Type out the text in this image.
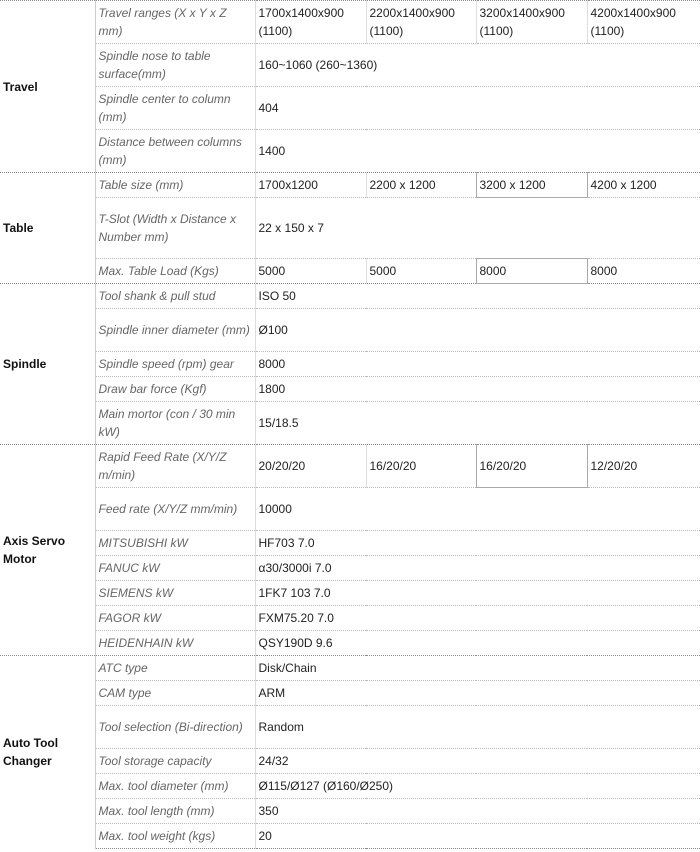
Travel	Travel ranges (X x Y x Z mm)	1700x1400x900 (1100)	2200x1400x900 (1100)	3200x1400x900 (1100)	4200x1400x900 (1100)
	Spindle nose to table surface(mm)	160~1060 (260~1360)			
	Spindle center to column (mm)	404			
	Distance between columns (mm)	1400			
Table	Table size (mm)	1700x1200	2200 x 1200	3200 x 1200	4200 x 1200
	T-Slot (Width x Distance x Number mm)	22 x 150 x 7			
	Max. Table Load (Kgs)	5000	5000	8000	8000
Spindle	Tool shank & pull stud	ISO 50			
	Spindle inner diameter (mm)	Ø100			
	Spindle speed (rpm) gear	8000			
	Draw bar force (Kgf)	1800			
	Main mortor (con / 30 min kW)	15/18.5			
Axis Servo Motor	Rapid Feed Rate (X/Y/Z m/min)	20/20/20	16/20/20	16/20/20	12/20/20
	Feed rate (X/Y/Z mm/min)	10000			
	MITSUBISHI kW	HF703 7.0			
	FANUC kW	α30/3000i 7.0			
	SIEMENS kW	1FK7 103 7.0			
	FAGOR kW	FXM75.20 7.0			
	HEIDENHAIN kW	QSY190D 9.6			
Auto Tool Changer	ATC type	Disk/Chain			
	CAM type	ARM			
	Tool selection (Bi-direction)	Random			
	Tool storage capacity	24/32			
	Max. tool diameter (mm)	Ø115/Ø127 (Ø160/Ø250)			
	Max. tool length (mm)	350			
	Max. tool weight (kgs)	20			
